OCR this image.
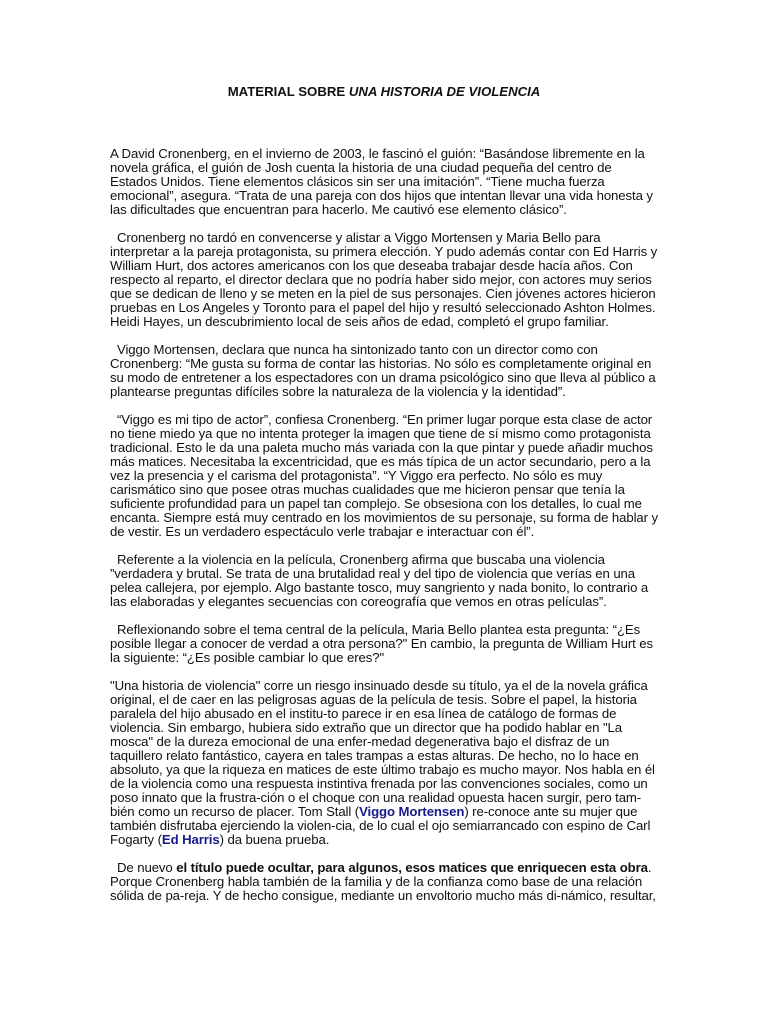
MATERIAL SOBRE UNA HISTORIA DE VIOLENCIA

A David Cronenberg, en el invierno de 2003, le fascinó el guión: “Basándose libremente en la novela gráfica, el guión de Josh cuenta la historia de una ciudad pequeña del centro de Estados Unidos. Tiene elementos clásicos sin ser una imitación”. “Tiene mucha fuerza emocional”, asegura. “Trata de una pareja con dos hijos que intentan llevar una vida honesta y las dificultades que encuentran para hacerlo. Me cautivó ese elemento clásico”.

Cronenberg no tardó en convencerse y alistar a Viggo Mortensen y Maria Bello para interpretar a la pareja protagonista, su primera elección. Y pudo además contar con Ed Harris y William Hurt, dos actores americanos con los que deseaba trabajar desde hacía años. Con respecto al reparto, el director declara que no podría haber sido mejor, con actores muy serios que se dedican de lleno y se meten en la piel de sus personajes. Cien jóvenes actores hicieron pruebas en Los Angeles y Toronto para el papel del hijo y resultó seleccionado Ashton Holmes. Heidi Hayes, un descubrimiento local de seis años de edad, completó el grupo familiar.

Viggo Mortensen, declara que nunca ha sintonizado tanto con un director como con Cronenberg: “Me gusta su forma de contar las historias. No sólo es completamente original en su modo de entretener a los espectadores con un drama psicológico sino que lleva al público a plantearse preguntas difíciles sobre la naturaleza de la violencia y la identidad”.

“Viggo es mi tipo de actor”, confiesa Cronenberg. “En primer lugar porque esta clase de actor no tiene miedo ya que no intenta proteger la imagen que tiene de sí mismo como protagonista tradicional. Esto le da una paleta mucho más variada con la que pintar y puede añadir muchos más matices. Necesitaba la excentricidad, que es más típica de un actor secundario, pero a la vez la presencia y el carisma del protagonista”. “Y Viggo era perfecto. No sólo es muy carismático sino que posee otras muchas cualidades que me hicieron pensar que tenía la suficiente profundidad para un papel tan complejo. Se obsesiona con los detalles, lo cual me encanta. Siempre está muy centrado en los movimientos de su personaje, su forma de hablar y de vestir. Es un verdadero espectáculo verle trabajar e interactuar con él”.

Referente a la violencia en la película, Cronenberg afirma que buscaba una violencia ”verdadera y brutal. Se trata de una brutalidad real y del tipo de violencia que verías en una pelea callejera, por ejemplo. Algo bastante tosco, muy sangriento y nada bonito, lo contrario a las elaboradas y elegantes secuencias con coreografía que vemos en otras películas”.

Reflexionando sobre el tema central de la película, Maria Bello plantea esta pregunta: “¿Es posible llegar a conocer de verdad a otra persona?" En cambio, la pregunta de William Hurt es la siguiente: “¿Es posible cambiar lo que eres?"

"Una historia de violencia" corre un riesgo insinuado desde su título, ya el de la novela gráfica original, el de caer en las peligrosas aguas de la película de tesis. Sobre el papel, la historia paralela del hijo abusado en el institu-to parece ir en esa línea de catálogo de formas de violencia. Sin embargo, hubiera sido extraño que un director que ha podido hablar en "La mosca" de la dureza emocional de una enfer-medad degenerativa bajo el disfraz de un taquillero relato fantástico, cayera en tales trampas a estas alturas. De hecho, no lo hace en absoluto, ya que la riqueza en matices de este último trabajo es mucho mayor. Nos habla en él de la violencia como una respuesta instintiva frenada por las convenciones sociales, como un poso innato que la frustra-ción o el choque con una realidad opuesta hacen surgir, pero tam-bién como un recurso de placer. Tom Stall (Viggo Mortensen) re-conoce ante su mujer que también disfrutaba ejerciendo la violen-cia, de lo cual el ojo semiarrancado con espino de Carl Fogarty (Ed Harris) da buena prueba.

De nuevo el título puede ocultar, para algunos, esos matices que enriquecen esta obra. Porque Cronenberg habla también de la familia y de la confianza como base de una relación sólida de pa-reja. Y de hecho consigue, mediante un envoltorio mucho más di-námico, resultar,
